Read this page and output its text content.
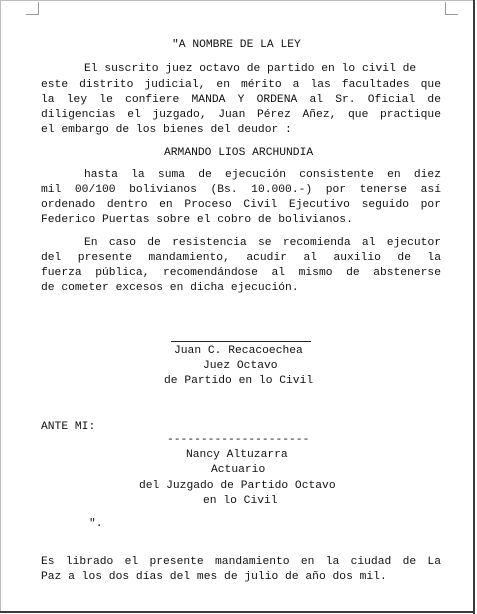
"A NOMBRE DE LA LEY
El suscrito juez octavo de partido en lo civil de
este distrito judicial, en mérito a las facultades que
la ley le confiere MANDA Y ORDENA al Sr. Oficial de
diligencias el juzgado, Juan Pérez Añez, que practique
el embargo de los bienes del deudor :
ARMANDO LIOS ARCHUNDIA
hasta la suma de ejecución consistente en diez
mil 00/100 bolivianos (Bs. 10.000.-) por tenerse así
ordenado dentro en Proceso Civil Ejecutivo seguido por
Federico Puertas sobre el cobro de bolivianos.
En caso de resistencia se recomienda al ejecutor
del presente mandamiento, acudir al auxilio de la
fuerza pública, recomendándose al mismo de abstenerse
de cometer excesos en dicha ejecución.
Juan C. Recacoechea
Juez Octavo
de Partido en lo Civil
ANTE MI:
---------------------
Nancy Altuzarra
Actuario
del Juzgado de Partido Octavo
en lo Civil
".
Es librado el presente mandamiento en la ciudad de La
Paz a los dos días del mes de julio de año dos mil.
